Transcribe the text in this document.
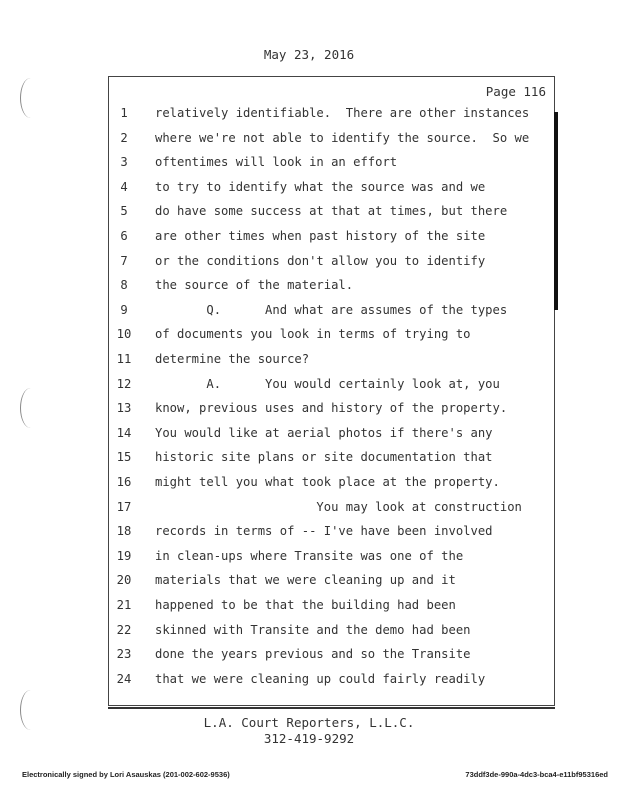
May 23, 2016
Page 116
1	relatively identifiable.  There are other instances
2	where we're not able to identify the source.  So we
3	oftentimes will look in an effort
4	to try to identify what the source was and we
5	do have some success at that at times, but there
6	are other times when past history of the site
7	or the conditions don't allow you to identify
8	the source of the material.
9	Q.      And what are assumes of the types
10	of documents you look in terms of trying to
11	determine the source?
12	A.      You would certainly look at, you
13	know, previous uses and history of the property.
14	You would like at aerial photos if there's any
15	historic site plans or site documentation that
16	might tell you what took place at the property.
17	You may look at construction
18	records in terms of -- I've have been involved
19	in clean-ups where Transite was one of the
20	materials that we were cleaning up and it
21	happened to be that the building had been
22	skinned with Transite and the demo had been
23	done the years previous and so the Transite
24	that we were cleaning up could fairly readily
L.A. Court Reporters, L.L.C.
312-419-9292
Electronically signed by Lori Asauskas (201-002-602-9536)	73ddf3de-990a-4dc3-bca4-e11bf95316ed
